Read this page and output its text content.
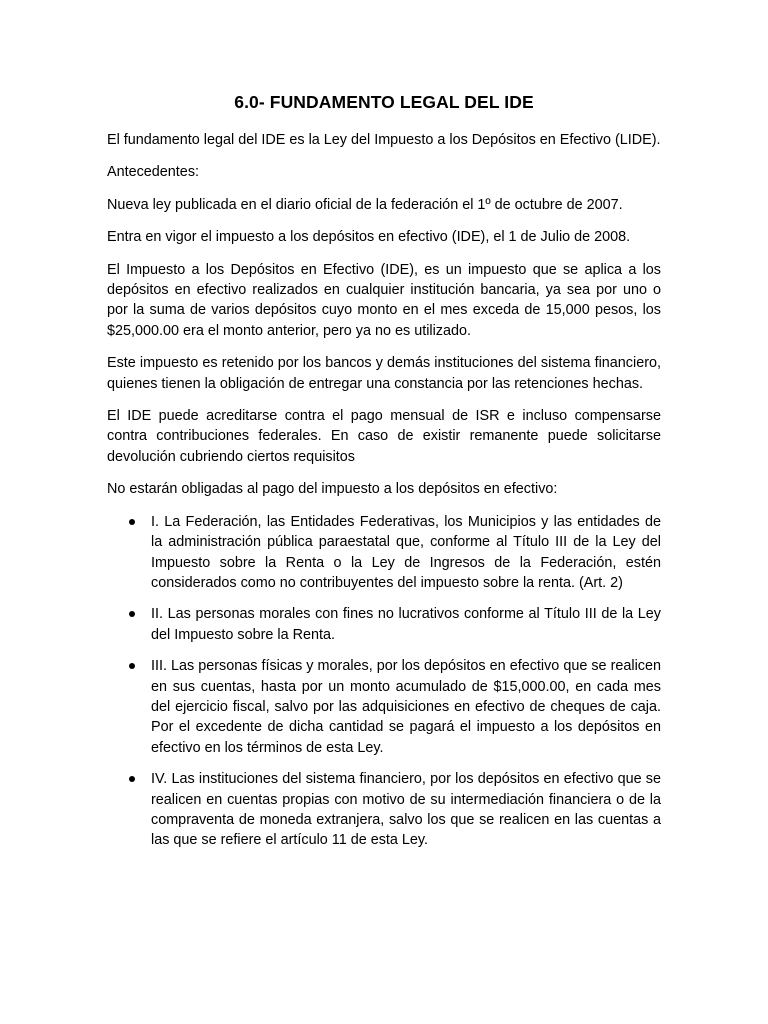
6.0- FUNDAMENTO LEGAL DEL IDE

El fundamento legal del IDE es la Ley del Impuesto a los Depósitos en Efectivo (LIDE).

Antecedentes:

Nueva ley publicada en el diario oficial de la federación el 1º de octubre de 2007.

Entra en vigor el impuesto a los depósitos en efectivo (IDE), el 1 de Julio de 2008.

El Impuesto a los Depósitos en Efectivo (IDE), es un impuesto que se aplica a los depósitos en efectivo realizados en cualquier institución bancaria, ya sea por uno o por la suma de varios depósitos cuyo monto en el mes exceda de 15,000 pesos, los $25,000.00 era el monto anterior, pero ya no es utilizado.

Este impuesto es retenido por los bancos y demás instituciones del sistema financiero, quienes tienen la obligación de entregar una constancia por las retenciones hechas.

El IDE puede acreditarse contra el pago mensual de ISR e incluso compensarse contra contribuciones federales. En caso de existir remanente puede solicitarse devolución cubriendo ciertos requisitos

No estarán obligadas al pago del impuesto a los depósitos en efectivo:

I. La Federación, las Entidades Federativas, los Municipios y las entidades de la administración pública paraestatal que, conforme al Título III de la Ley del Impuesto sobre la Renta o la Ley de Ingresos de la Federación, estén considerados como no contribuyentes del impuesto sobre la renta. (Art. 2)
II. Las personas morales con fines no lucrativos conforme al Título III de la Ley del Impuesto sobre la Renta.
III. Las personas físicas y morales, por los depósitos en efectivo que se realicen en sus cuentas, hasta por un monto acumulado de $15,000.00, en cada mes del ejercicio fiscal, salvo por las adquisiciones en efectivo de cheques de caja. Por el excedente de dicha cantidad se pagará el impuesto a los depósitos en efectivo en los términos de esta Ley.
IV. Las instituciones del sistema financiero, por los depósitos en efectivo que se realicen en cuentas propias con motivo de su intermediación financiera o de la compraventa de moneda extranjera, salvo los que se realicen en las cuentas a las que se refiere el artículo 11 de esta Ley.
